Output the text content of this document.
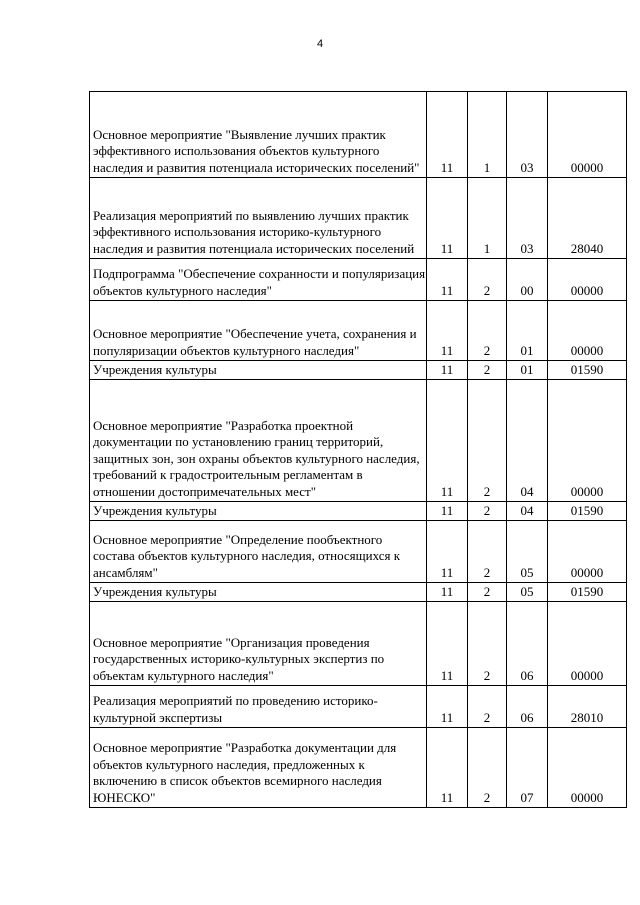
4
Основное мероприятие "Выявление лучших практик эффективного использования объектов культурного наследия и развития потенциала исторических поселений"	11	1	03	00000
Реализация мероприятий по выявлению лучших практик эффективного использования историко-культурного наследия и развития потенциала исторических поселений	11	1	03	28040
Подпрограмма "Обеспечение сохранности и популяризация объектов культурного наследия"	11	2	00	00000
Основное мероприятие "Обеспечение учета, сохранения и популяризации объектов культурного наследия"	11	2	01	00000
Учреждения культуры	11	2	01	01590
Основное мероприятие "Разработка проектной документации по установлению границ территорий, защитных зон, зон охраны объектов культурного наследия, требований к градостроительным регламентам в отношении достопримечательных мест"	11	2	04	00000
Учреждения культуры	11	2	04	01590
Основное мероприятие "Определение пообъектного состава объектов культурного наследия, относящихся к ансамблям"	11	2	05	00000
Учреждения культуры	11	2	05	01590
Основное мероприятие "Организация проведения государственных историко-культурных экспертиз по объектам культурного наследия"	11	2	06	00000
Реализация мероприятий по проведению историко-культурной экспертизы	11	2	06	28010
Основное мероприятие "Разработка документации для объектов культурного наследия, предложенных к включению в список объектов всемирного наследия ЮНЕСКО"	11	2	07	00000
